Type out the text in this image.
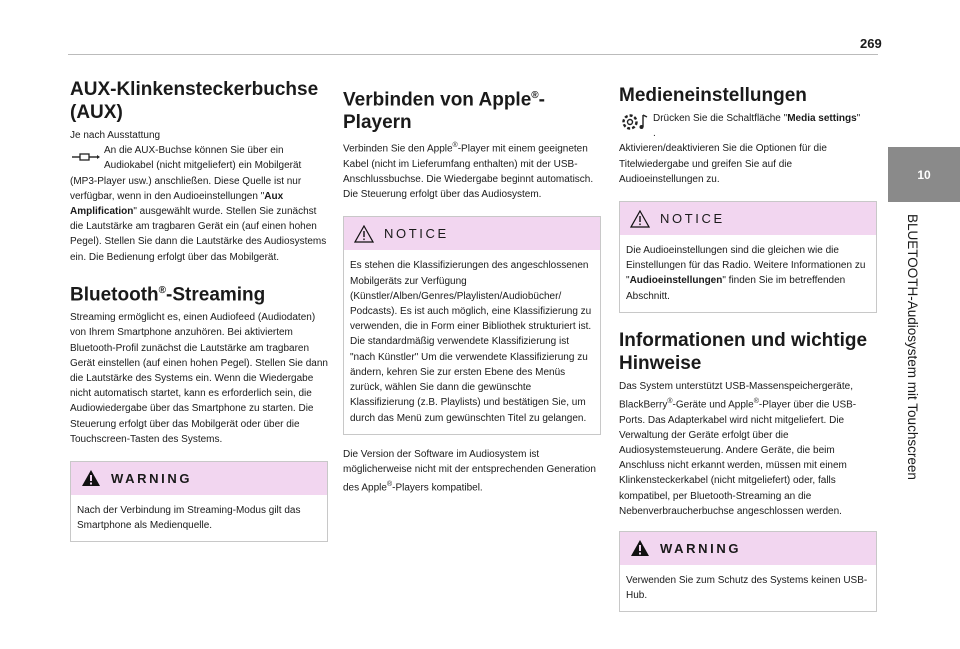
269
10
BLUETOOTH-Audiosystem mit Touchscreen
AUX-Klinkensteckerbuchse
(AUX)

Je nach Ausstattung

An die AUX-Buchse können Sie über ein Audiokabel (nicht mitgeliefert) ein Mobilgerät

(MP3-Player usw.) anschließen. Diese Quelle ist nur verfügbar, wenn in den Audioeinstellungen "Aux Amplification" ausgewählt wurde. Stellen Sie zunächst die Lautstärke am tragbaren Gerät ein (auf einen hohen Pegel). Stellen Sie dann die Lautstärke des Audiosystems ein. Die Bedienung erfolgt über das Mobilgerät.

Bluetooth®-Streaming

Streaming ermöglicht es, einen Audiofeed (Audiodaten) von Ihrem Smartphone anzuhören. Bei aktiviertem Bluetooth-Profil zunächst die Lautstärke am tragbaren Gerät einstellen (auf einen hohen Pegel). Stellen Sie dann die Lautstärke des Systems ein. Wenn die Wiedergabe nicht automatisch startet, kann es erforderlich sein, die Audiowiedergabe über das Smartphone zu starten. Die Steuerung erfolgt über das Mobilgerät oder über die Touchscreen-Tasten des Systems.

WARNING
Nach der Verbindung im Streaming-Modus gilt das Smartphone als Medienquelle.
Verbinden von Apple®-Playern

Verbinden Sie den Apple®-Player mit einem geeigneten Kabel (nicht im Lieferumfang enthalten) mit der USB-Anschlussbuchse. Die Wiedergabe beginnt automatisch. Die Steuerung erfolgt über das Audiosystem.

NOTICE
Es stehen die Klassifizierungen des angeschlossenen Mobilgeräts zur Verfügung (Künstler/Alben/Genres/Playlisten/Audiobücher/ Podcasts). Es ist auch möglich, eine Klassifizierung zu verwenden, die in Form einer Bibliothek strukturiert ist. Die standardmäßig verwendete Klassifizierung ist "nach Künstler" Um die verwendete Klassifizierung zu ändern, kehren Sie zur ersten Ebene des Menüs zurück, wählen Sie dann die gewünschte Klassifizierung (z.B. Playlists) und bestätigen Sie, um durch das Menü zum gewünschten Titel zu gelangen.

Die Version der Software im Audiosystem ist möglicherweise nicht mit der entsprechenden Generation des Apple®-Players kompatibel.

Medieneinstellungen

Drücken Sie die Schaltfläche "Media settings"

.

Aktivieren/deaktivieren Sie die Optionen für die Titelwiedergabe und greifen Sie auf die Audioeinstellungen zu.

NOTICE
Die Audioeinstellungen sind die gleichen wie die Einstellungen für das Radio. Weitere Informationen zu "Audioeinstellungen" finden Sie im betreffenden Abschnitt.
Informationen und wichtige
Hinweise

Das System unterstützt USB-Massenspeichergeräte, BlackBerry®-Geräte und Apple®-Player über die USB-Ports. Das Adapterkabel wird nicht mitgeliefert. Die Verwaltung der Geräte erfolgt über die Audiosystemsteuerung. Andere Geräte, die beim Anschluss nicht erkannt werden, müssen mit einem Klinkensteckerkabel (nicht mitgeliefert) oder, falls kompatibel, per Bluetooth-Streaming an die Nebenverbraucherbuchse angeschlossen werden.

WARNING
Verwenden Sie zum Schutz des Systems keinen USB-Hub.
